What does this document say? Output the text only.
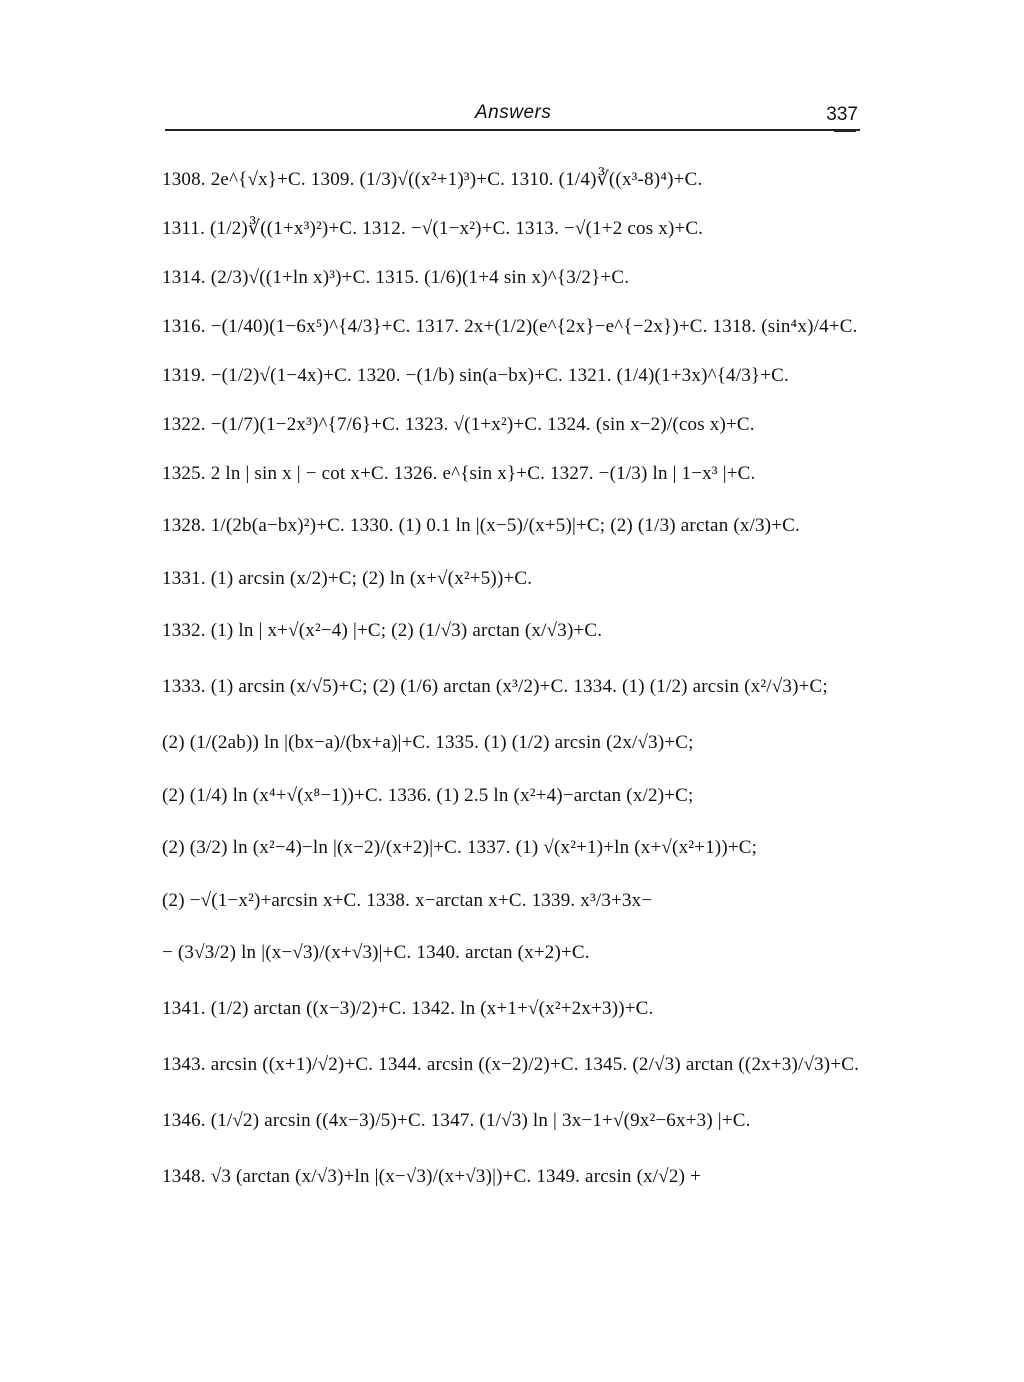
Answers	337
1308. 2e^{√x}+C. 1309. (1/3)√((x²+1)³)+C. 1310. (1/4)∛((x³-8)⁴)+C.
1311. (1/2)∛((1+x³)²)+C. 1312. −√(1−x²)+C. 1313. −√(1+2 cos x)+C.
1314. (2/3)√((1+ln x)³)+C. 1315. (1/6)(1+4 sin x)^{3/2}+C.
1316. −(1/40)(1−6x⁵)^{4/3}+C. 1317. 2x+(1/2)(e^{2x}−e^{−2x})+C. 1318. (sin⁴x)/4+C.
1319. −(1/2)√(1−4x)+C. 1320. −(1/b) sin(a−bx)+C. 1321. (1/4)(1+3x)^{4/3}+C.
1322. −(1/7)(1−2x³)^{7/6}+C. 1323. √(1+x²)+C. 1324. (sin x−2)/(cos x)+C.
1325. 2 ln | sin x | − cot x+C. 1326. e^{sin x}+C. 1327. −(1/3) ln | 1−x³ |+C.
1328. 1/(2b(a−bx)²)+C. 1330. (1) 0.1 ln |(x−5)/(x+5)|+C; (2) (1/3) arctan (x/3)+C.
1331. (1) arcsin (x/2)+C; (2) ln (x+√(x²+5))+C.
1332. (1) ln | x+√(x²−4) |+C; (2) (1/√3) arctan (x/√3)+C.
1333. (1) arcsin (x/√5)+C; (2) (1/6) arctan (x³/2)+C. 1334. (1) (1/2) arcsin (x²/√3)+C;
(2) (1/(2ab)) ln |(bx−a)/(bx+a)|+C. 1335. (1) (1/2) arcsin (2x/√3)+C;
(2) (1/4) ln (x⁴+√(x⁸−1))+C. 1336. (1) 2.5 ln (x²+4)−arctan (x/2)+C;
(2) (3/2) ln (x²−4)−ln |(x−2)/(x+2)|+C. 1337. (1) √(x²+1)+ln (x+√(x²+1))+C;
(2) −√(1−x²)+arcsin x+C. 1338. x−arctan x+C. 1339. x³/3+3x−
− (3√3/2) ln |(x−√3)/(x+√3)|+C. 1340. arctan (x+2)+C.
1341. (1/2) arctan ((x−3)/2)+C. 1342. ln (x+1+√(x²+2x+3))+C.
1343. arcsin ((x+1)/√2)+C. 1344. arcsin ((x−2)/2)+C. 1345. (2/√3) arctan ((2x+3)/√3)+C.
1346. (1/√2) arcsin ((4x−3)/5)+C. 1347. (1/√3) ln | 3x−1+√(9x²−6x+3) |+C.
1348. √3 (arctan (x/√3)+ln |(x−√3)/(x+√3)|)+C. 1349. arcsin (x/√2) +
